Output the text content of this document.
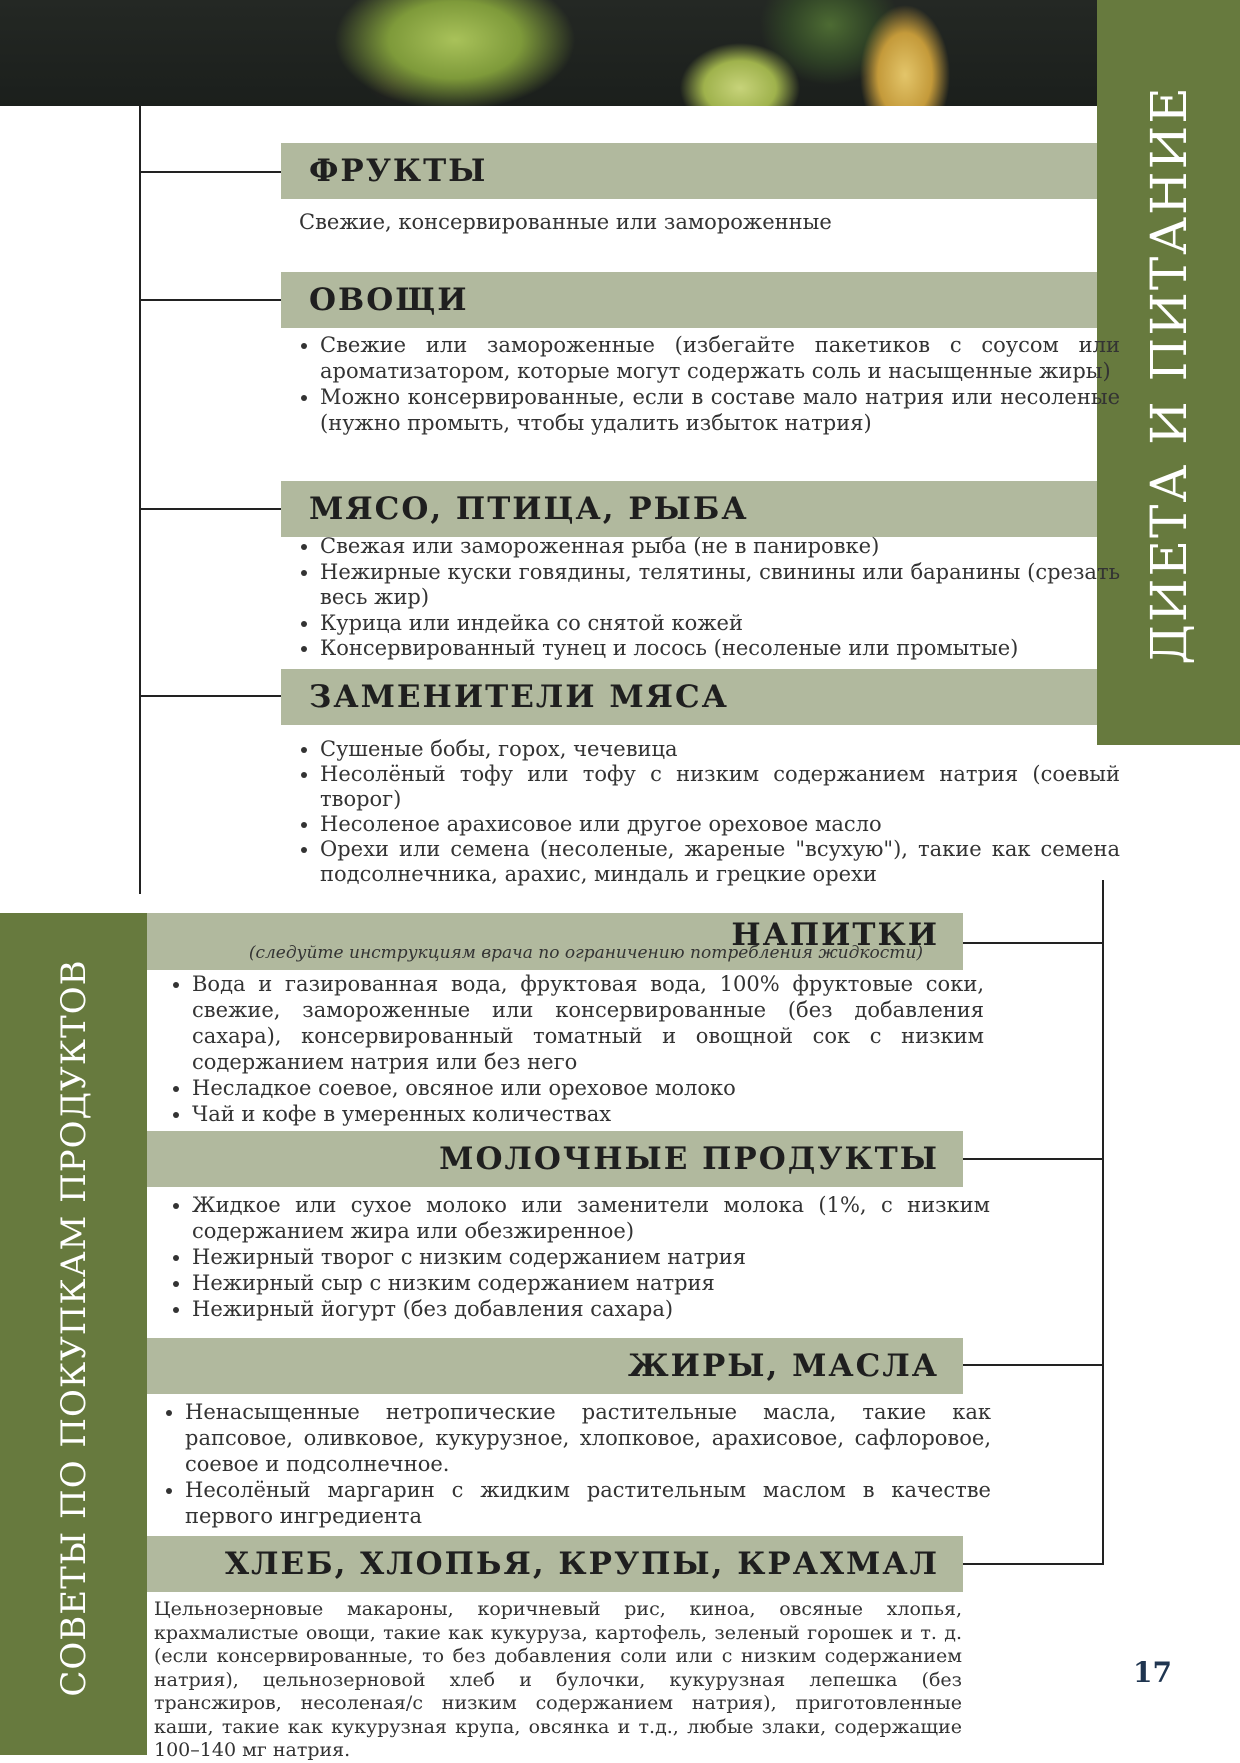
ДИЕТА И ПИТАНИЕ
ФРУКТЫ
Свежие, консервированные или замороженные
ОВОЩИ
• Свежие или замороженные (избегайте пакетиков с соусом или ароматизатором, которые могут содержать соль и насыщенные жиры)
• Можно консервированные, если в составе мало натрия или несоленые (нужно промыть, чтобы удалить избыток натрия)
МЯСО, ПТИЦА, РЫБА
• Свежая или замороженная рыба (не в панировке)
• Нежирные куски говядины, телятины, свинины или баранины (срезать весь жир)
• Курица или индейка со снятой кожей
• Консервированный тунец и лосось (несоленые или промытые)
ЗАМЕНИТЕЛИ МЯСА
• Сушеные бобы, горох, чечевица
• Несолёный тофу или тофу с низким содержанием натрия (соевый творог)
• Несоленое арахисовое или другое ореховое масло
• Орехи или семена (несоленые, жареные "всухую"), такие как семена подсолнечника, арахис, миндаль и грецкие орехи
СОВЕТЫ ПО ПОКУПКАМ ПРОДУКТОВ
НАПИТКИ
(следуйте инструкциям врача по ограничению потребления жидкости)
• Вода и газированная вода, фруктовая вода, 100% фруктовые соки, свежие, замороженные или консервированные (без добавления сахара), консервированный томатный и овощной сок с низким содержанием натрия или без него
• Несладкое соевое, овсяное или ореховое молоко
• Чай и кофе в умеренных количествах
МОЛОЧНЫЕ ПРОДУКТЫ
• Жидкое или сухое молоко или заменители молока (1%, с низким содержанием жира или обезжиренное)
• Нежирный творог с низким содержанием натрия
• Нежирный сыр с низким содержанием натрия
• Нежирный йогурт (без добавления сахара)
ЖИРЫ, МАСЛА
• Ненасыщенные нетропические растительные масла, такие как рапсовое, оливковое, кукурузное, хлопковое, арахисовое, сафлоровое, соевое и подсолнечное.
• Несолёный маргарин с жидким растительным маслом в качестве первого ингредиента
ХЛЕБ, ХЛОПЬЯ, КРУПЫ, КРАХМАЛ

Цельнозерновые макароны, коричневый рис, киноа, овсяные хлопья, крахмалистые овощи, такие как кукуруза, картофель, зеленый горошек и т. д. (если консервированные, то без добавления соли или с низким содержанием натрия), цельнозерновой хлеб и булочки, кукурузная лепешка (без трансжиров, несоленая/с низким содержанием натрия), приготовленные каши, такие как кукурузная крупа, овсянка и т.д., любые злаки, содержащие 100–140 мг натрия.

17
